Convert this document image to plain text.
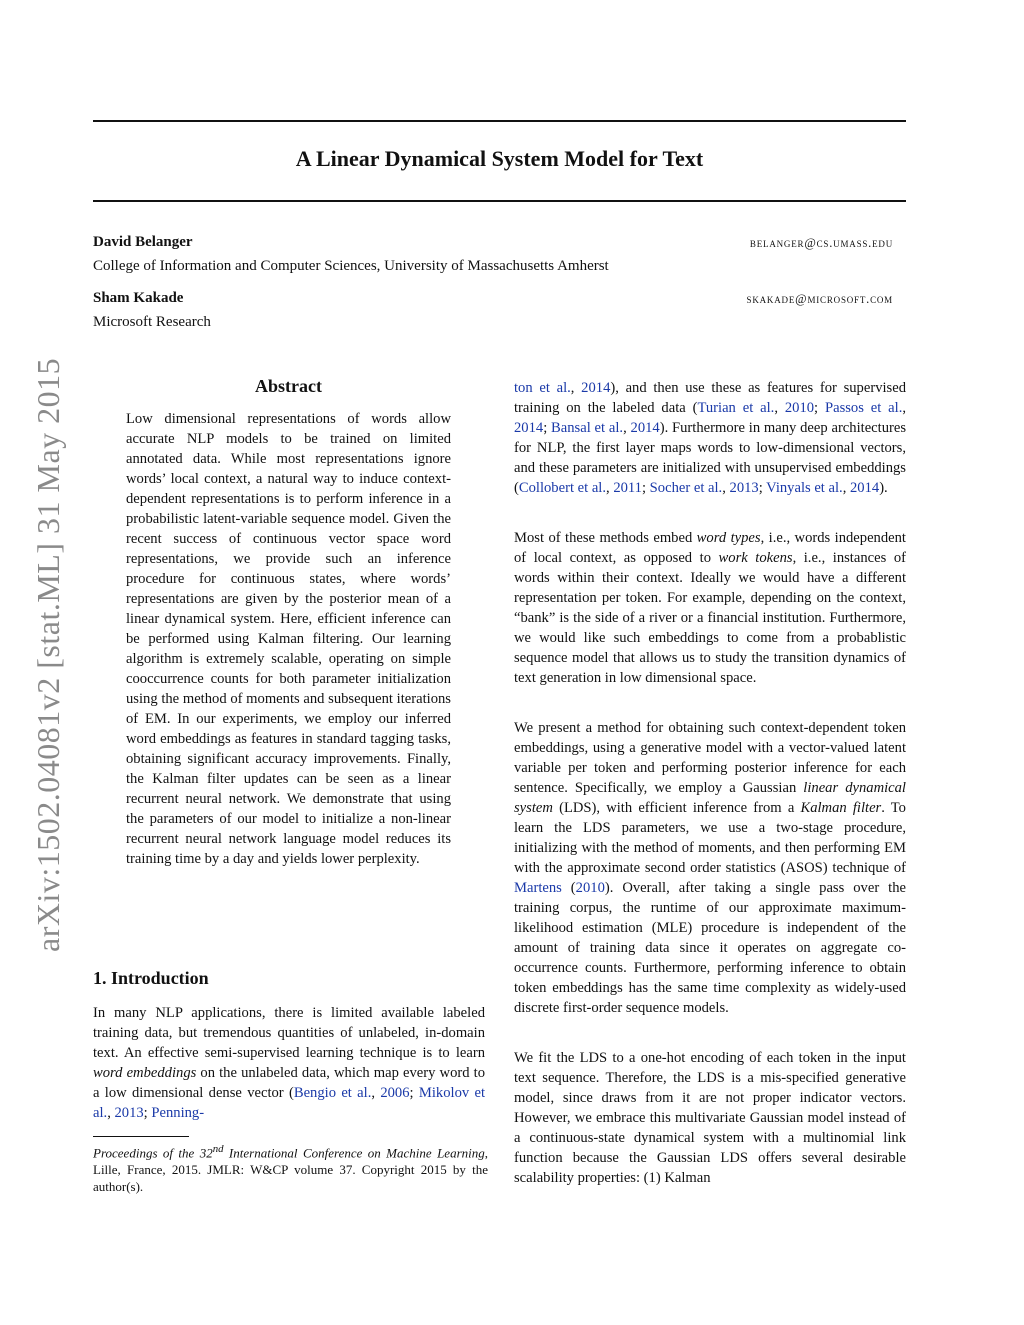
arXiv:1502.04081v2 [stat.ML] 31 May 2015
A Linear Dynamical System Model for Text
David Belanger	belanger@cs.umass.edu
College of Information and Computer Sciences, University of Massachusetts Amherst
Sham Kakade	skakade@microsoft.com
Microsoft Research
Abstract

Low dimensional representations of words allow accurate NLP models to be trained on limited annotated data. While most representations ignore words’ local context, a natural way to induce context-dependent representations is to perform inference in a probabilistic latent-variable sequence model. Given the recent success of continuous vector space word representations, we provide such an inference procedure for continuous states, where words’ representations are given by the posterior mean of a linear dynamical system. Here, efficient inference can be performed using Kalman filtering. Our learning algorithm is extremely scalable, operating on simple cooccurrence counts for both parameter initialization using the method of moments and subsequent iterations of EM. In our experiments, we employ our inferred word embeddings as features in standard tagging tasks, obtaining significant accuracy improvements. Finally, the Kalman filter updates can be seen as a linear recurrent neural network. We demonstrate that using the parameters of our model to initialize a non-linear recurrent neural network language model reduces its training time by a day and yields lower perplexity.

1. Introduction

In many NLP applications, there is limited available labeled training data, but tremendous quantities of unlabeled, in-domain text. An effective semi-supervised learning technique is to learn word embeddings on the unlabeled data, which map every word to a low dimensional dense vector (Bengio et al., 2006; Mikolov et al., 2013; Penning-

Proceedings of the 32nd International Conference on Machine Learning, Lille, France, 2015. JMLR: W&CP volume 37. Copyright 2015 by the author(s).

ton et al., 2014), and then use these as features for supervised training on the labeled data (Turian et al., 2010; Passos et al., 2014; Bansal et al., 2014). Furthermore in many deep architectures for NLP, the first layer maps words to low-dimensional vectors, and these parameters are initialized with unsupervised embeddings (Collobert et al., 2011; Socher et al., 2013; Vinyals et al., 2014).

Most of these methods embed word types, i.e., words independent of local context, as opposed to work tokens, i.e., instances of words within their context. Ideally we would have a different representation per token. For example, depending on the context, “bank” is the side of a river or a financial institution. Furthermore, we would like such embeddings to come from a probablistic sequence model that allows us to study the transition dynamics of text generation in low dimensional space.

We present a method for obtaining such context-dependent token embeddings, using a generative model with a vector-valued latent variable per token and performing posterior inference for each sentence. Specifically, we employ a Gaussian linear dynamical system (LDS), with efficient inference from a Kalman filter. To learn the LDS parameters, we use a two-stage procedure, initializing with the method of moments, and then performing EM with the approximate second order statistics (ASOS) technique of Martens (2010). Overall, after taking a single pass over the training corpus, the runtime of our approximate maximum-likelihood estimation (MLE) procedure is independent of the amount of training data since it operates on aggregate co-occurrence counts. Furthermore, performing inference to obtain token embeddings has the same time complexity as widely-used discrete first-order sequence models.

We fit the LDS to a one-hot encoding of each token in the input text sequence. Therefore, the LDS is a mis-specified generative model, since draws from it are not proper indicator vectors. However, we embrace this multivariate Gaussian model instead of a continuous-state dynamical system with a multinomial link function because the Gaussian LDS offers several desirable scalability properties: (1) Kalman
